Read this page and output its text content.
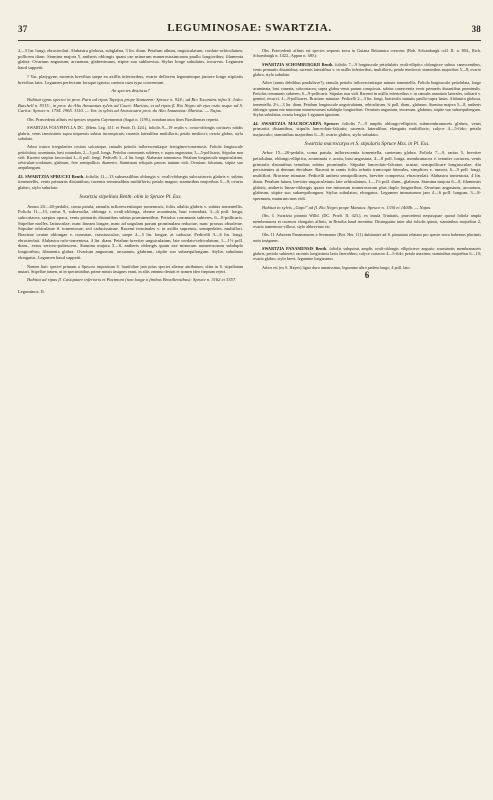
37	LEGUMINOSAE: SWARTZIA.	38

2—3 lin. longi, ebracteolati. Alabastra globosa, subglabra, 3 lin. diam. Petalum album, unguiculatum, cordato-orbiculatum, pollicem diam. Stamina majora 5, antheris oblongis quam cae minorum numerosissimorum paullo longioribus; filamenta glabra. Ovarium angustum, arcuatum, glaberrimum, stipite suo subbrevius. Stylus longe subulatus, incurvus. Legumen haud suppetit.

? Var. platygyne, racemis brevibus saepe ex axillis inferioribus, ovario defloreto leguminoque juniore longe stipitatis brevibus latis. Legumen perfectum forsque ignota; caetera cum typo conveniunt.

An species distincta?

Habitat typus speciei in prov. Para ad ripas Tapajos prope Santarem: Spruce n. 924.; ad Rio Tocantins infra S. João: Burchell n. 9315.; in prov. do Alto Amazonas sylvis ad Coari: Martius; et ad ripas fl. Rio Negro ab ejus ostio usque ad S. Carlos: Spruce n. 1754. 1965. 3110. — Var. in sylvis ad Araracoara prov. do Alto Amazonas: Martius. — Najas.

Obs. Praecedenti affinis est species sequens Cayennensis (Sagot n. 1199.), nondum intra fines Brasilienses reperta.

SWARTZIA POLYPHYLLA DC. (Mem. Leg. 411. et Prodr. II. 424.), foliolis 9—19 ovalis v. ovato-oblongis coriaceis nitidis glabris, venis tenuissimis supra impressis subtus inconspicuis; racemis lateralibus multifloris; petalo mediocri; ovario glabro, stylo subulato.

Arbor trunco irregulariter costato sulcatoque, ramulis petiolis inflorescentiaque ferrugineo-tomentosis. Foliola longiuscule petiolulata, acuminata, basi rotundata, 2—3 poll. longa. Petiolus communis subteres v. supra angustatur, 3—5-pollicaris. Stipulae non vidi. Racemi saepius fasciculati 3—6 poll. longi. Pedicelli 3—4 lin. longi. Alabastra tomentosa. Petalum longiuscule unguiculatum, orbiculari-cordatum, glabrum, fere semipollicis diametro. Staminum reliquiis paucas tantum vidi. Ovarium falcatum, stipite suo aequilongum.

43. SWARTZIA SPRUCEI Benth. foliolis 11—13 subsessilibus oblongis v. ovali-oblongis subcoriaceis glabris v. subtus tomentellis, venis primariis distantibus; racemis terminalibus multifloris; petalo magno; staminibus majoribus 5—8; ovario glabro, stylo subulato.

Swartzia stipellata Benth. olim in Spruce Pl. Exs.

Annos 20—40-pedalis, coma patula, ramulis inflorescentiaque tomentosis, foliis adultis glabris v. subtus tomentellis. Foliola 11—13, rarius 9, subsessilia, oblonga v. ovali-oblonga, obtuse acuminata, basi rotundata, 3—6 poll. longa, subcoriacea, saepius opaca, venis primariis distantibus subtus prominentibus. Petiolus communis subteres, 6—8-pollicaris. Stipellae molles, latiusculae, nunc lineam longae, nunc ad ungulam parum prominulam reductae, nunc prorsus obsoletae. Stipulae orbiculatae S. tomentosae, sed caducissimae. Racemi terminales v. in axillis supremis, semipedales, multiflori. Bracteae ovatae oblongae v. cuneatae, crassiusculae, saepe 4—5 lin. longae, at caducae. Pedicelli 3—6 lin. longi, ebracteolati. Alabastra rufo-tomentosa, 4 lin. diam. Petalum breviter unguiculatum, late cordato-orbiculatum, 1—1½ poll. diam., extus sericeo-pubescens. Stamina majora 5—6, antheris oblongis quam eae minorum numerosorum subduplo longioribus; filamenta glabra. Ovarium angustum, arcuatum, glabrum, stipite suo subaequilongum. Stylus subulatus elongatus. Legumen haud suppetit.

Nomen huic speciei primum a Spruceo impositum S. laurifoliae jam prius speciei alienae attributum, olim in S. stipellatam mutari. Stipellae tamen, ut in speciminibus prime missis insignes erant, in aliis omnino desunt et nomen ideo ineptum rejeci.

Habitat ad ripas fl. Casiquiare inferioris et Pacimoni (non longe a finibus Brasiliensibus): Spruce n. 3162 et 3357.

Leguminos. II.

Obs. Praecedenti affinis est species sequens nova in Guiana Britannica crescens (Rob. Schomburgk coll. II. n. 804., Rich. Schomburgk n. 1422., Appun n. 380.):

SWARTZIA SCHOMBURGKII Benth. foliolis 7—9 longiuscule petiolulatis ovali-elliptics oblongisve subtus canescentibus, venis primariis distantibus; racemis lateralibus v. in axillis inferioribus, multifloris; petalo mediocri; staminibus majoribus 5—8; ovario glabro, stylo subulato.

Arbor (ramis debilibus pendulisve?), ramulis petiolis inflorescentiaque minute tomentellis. Foliola longiuscule petiolulata, longe acuminata, basi cuneata, subcoriacea, supra glabra venis parum conspicuis, subtus canescentia venis primariis distantibus prominulis. Petiolus communis subteres, 6—9-pollicaris. Stipulas non vidi. Racemi in axillis inferioribus v. in ramulis annotinis laterales, solitarii v. gemini, recurvi, 4—8-pollicares. Bracteae minutae. Pedicelli 2—3 lin. longi, bracteolis minutis paullo-supra basin. Alabastra globosa, tomentella, 2½—3 lin. diam. Petalum longiuscule unguiculatum, orbiculatum, ¾ poll. diam., glabrum. Stamina majora 5—8, antheris oblongis quam eae minorum numerosorum subduplo longioribus. Ovarium angustum, incurvum, glabrum, stipite suo subaequilongum. Stylus subulatus, ovario longior. Legumen ignotum.

44. SWARTZIA MACROCARPA Spruce: foliolis 7—9 amplis oblongo-ellipticis submembranaceis glabris, venis primariis distantibus, stipulis lanceolato-falcatis; racemis lateralibus elongatis multifloris; calyce 4—5-fido; petalo majusculo; staminibus majoribus 6—8; ovario glabro, stylo subulato.

Swartzia macrocarpa et S. stipularis Spruce Mss. in Pl. Exs.

Arbor 15—20-pedalis, coma patula, inflorescentia tomentella, caeterum glabra. Foliola 7—9, rarius 5, breviter petiolulata, oblongo-elliptica, acuminata v. acuta, basi angustata, 4—8 poll. longa, membranacea v. tenuiter coriacea, venis primariis distantibus tenuibus subtus prominulis. Stipulae lanceolato-falcatae, acutae, semipollicare longiusculae, diu persistentes at demum deciduae. Racemi in ramis foliis orbatis truncoque laterales, simplices v. ramosi, 6—9 poll. longi, multiflori. Bracteae minutae. Pedicelli anthesi semipollicares, breviter compressi, ebracteolati. Alabastra tomentosa, 4 lin. diam. Petalum latum, breviter unguiculatum, late orbiculatum, 1—1½ poll. diam., glabrum. Stamina majora 6—8, filamentis glabris, antheris linear-oblongis quam eae minorum numerosorum plus duplo longioribus. Ovarium angustum, arcuatum, glabrum, stipite suo subaequilongum. Stylus subulatus, elongatus. Legumen immaturum jam 4—6 poll. longum, 3—8-spermum, maturum non vidi.

Habitat in sylvis „Gapó" ad fl. Rio Negro prope Manaos: Spruce n. 1330 et 1404b. — Najas.

Obs. I. Swartzia pinnata Willd. (DC. Prodr. II. 423.), ex insula Trinitatis, praecedenti nequisquae quoad foliola ampla membranacea et racemos elongatos affinis, in Brasilia haud invenitur. Distinguitur inter alia foliolis quinis, staminibus majoribus 2, ovario tomentoso-villoso, stylo abbreviato etc.

Obs. II. Arborem Panamensem a Seemanno (Bot. Her. 111) dubitanter ad S. pinnatam relatam pro specie nova habemus plurimis notis insignem:

SWARTZIA PANAMENSIS Benth. foliolis subquinis amplis ovali-oblongis ellipticisve angusto acuminatis membranaceis glabris, petiolo subtereti; racemis longissimis laxis lateralibus; calyce coriaceo 4—5-fido; petalo maximo; staminibus majoribus 6—10; ovario glabro, stylo brevi; legumine longissimo.

Arbor est (ex S. Hayes) ligno duro amarissimo, legumine ultra pedem longo, 4 poll. lato.

6
